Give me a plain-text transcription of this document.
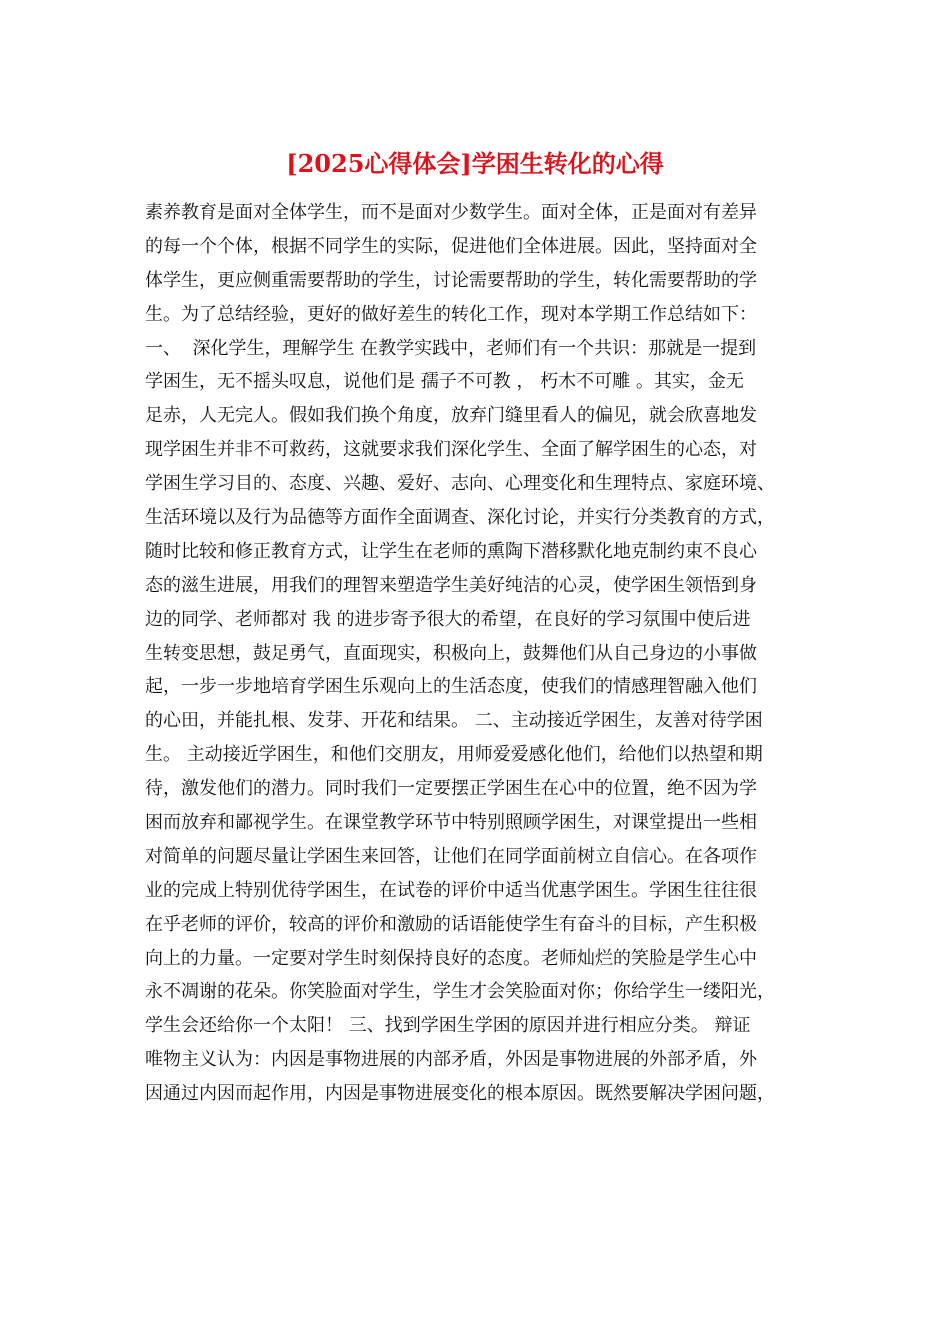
[2025心得体会]学困生转化的心得
素养教育是面对全体学生，而不是面对少数学生。面对全体，正是面对有差异
的每一个个体，根据不同学生的实际，促进他们全体进展。因此，坚持面对全
体学生，更应侧重需要帮助的学生，讨论需要帮助的学生，转化需要帮助的学
生。为了总结经验，更好的做好差生的转化工作，现对本学期工作总结如下：
一、  深化学生，理解学生 在教学实践中，老师们有一个共识：那就是一提到
学困生，无不摇头叹息，说他们是 孺子不可教 ， 朽木不可雕 。其实，金无
足赤，人无完人。假如我们换个角度，放弃门缝里看人的偏见，就会欣喜地发
现学困生并非不可救药，这就要求我们深化学生、全面了解学困生的心态，对
学困生学习目的、态度、兴趣、爱好、志向、心理变化和生理特点、家庭环境、
生活环境以及行为品德等方面作全面调查、深化讨论，并实行分类教育的方式，
随时比较和修正教育方式，让学生在老师的熏陶下潜移默化地克制约束不良心
态的滋生进展，用我们的理智来塑造学生美好纯洁的心灵，使学困生领悟到身
边的同学、老师都对 我 的进步寄予很大的希望，在良好的学习氛围中使后进
生转变思想，鼓足勇气，直面现实，积极向上，鼓舞他们从自己身边的小事做
起，一步一步地培育学困生乐观向上的生活态度，使我们的情感理智融入他们
的心田，并能扎根、发芽、开花和结果。 二、主动接近学困生，友善对待学困
生。 主动接近学困生，和他们交朋友，用师爱爱感化他们，给他们以热望和期
待，激发他们的潜力。同时我们一定要摆正学困生在心中的位置，绝不因为学
困而放弃和鄙视学生。在课堂教学环节中特别照顾学困生，对课堂提出一些相
对简单的问题尽量让学困生来回答，让他们在同学面前树立自信心。在各项作
业的完成上特别优待学困生，在试卷的评价中适当优惠学困生。学困生往往很
在乎老师的评价，较高的评价和激励的话语能使学生有奋斗的目标，产生积极
向上的力量。一定要对学生时刻保持良好的态度。老师灿烂的笑脸是学生心中
永不凋谢的花朵。你笑脸面对学生，学生才会笑脸面对你；你给学生一缕阳光，
学生会还给你一个太阳！ 三、找到学困生学困的原因并进行相应分类。 辩证
唯物主义认为：内因是事物进展的内部矛盾，外因是事物进展的外部矛盾，外
因通过内因而起作用，内因是事物进展变化的根本原因。既然要解决学困问题，
